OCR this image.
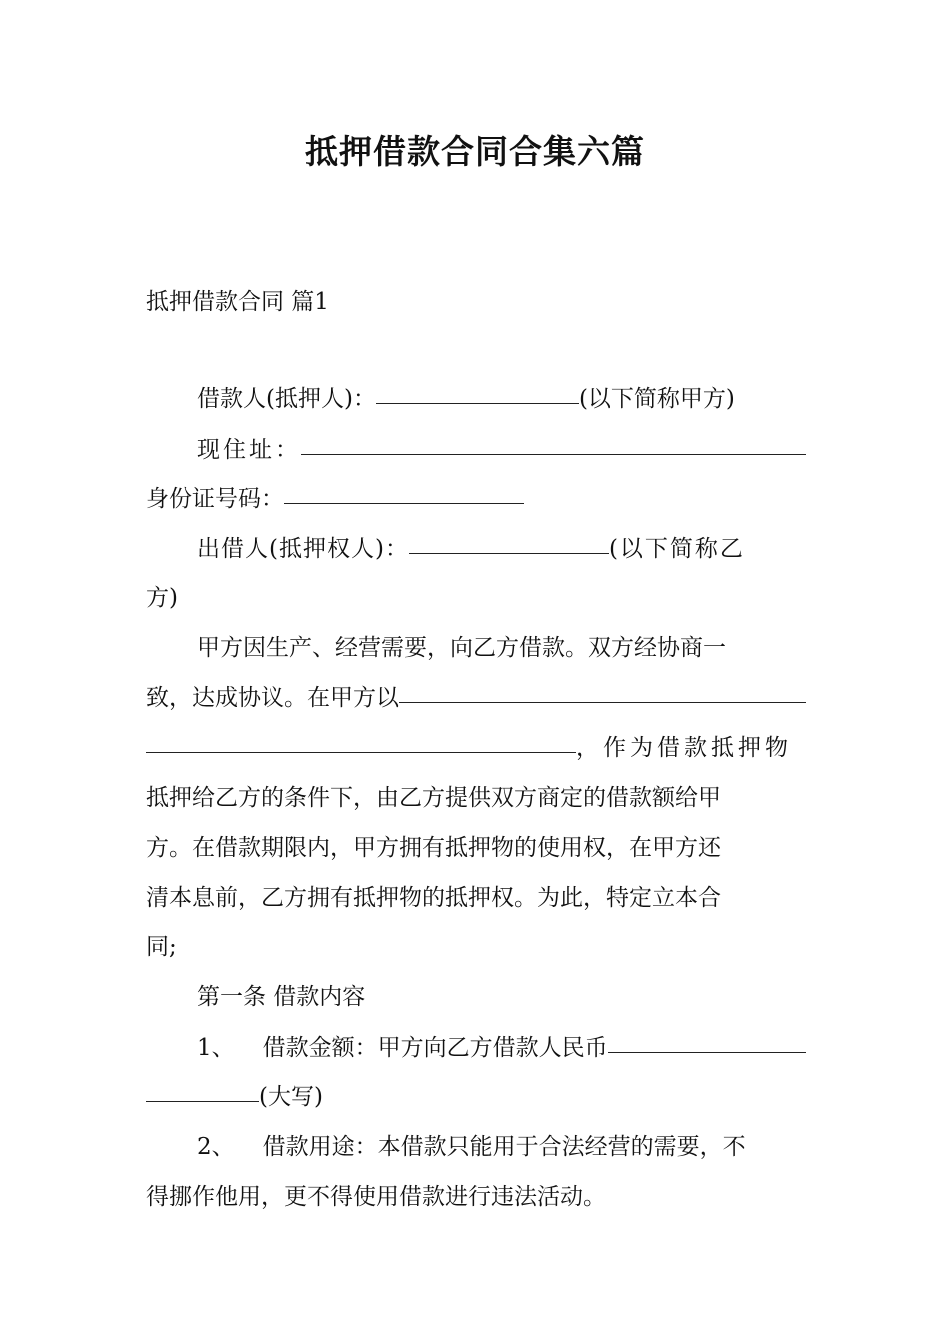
抵押借款合同合集六篇

抵押借款合同 篇1

借款人(抵押人)：	(以下简称甲方)
现住址：
身份证号码：
出借人(抵押权人)：	(以下简称乙
方)
甲方因生产、经营需要，向乙方借款。双方经协商一
致，达成协议。在甲方以
，作为借款抵押物
抵押给乙方的条件下，由乙方提供双方商定的借款额给甲
方。在借款期限内，甲方拥有抵押物的使用权，在甲方还
清本息前，乙方拥有抵押物的抵押权。为此，特定立本合
同;
第一条 借款内容
1、 借款金额：甲方向乙方借款人民币
(大写)
2、 借款用途：本借款只能用于合法经营的需要，不
得挪作他用，更不得使用借款进行违法活动。
